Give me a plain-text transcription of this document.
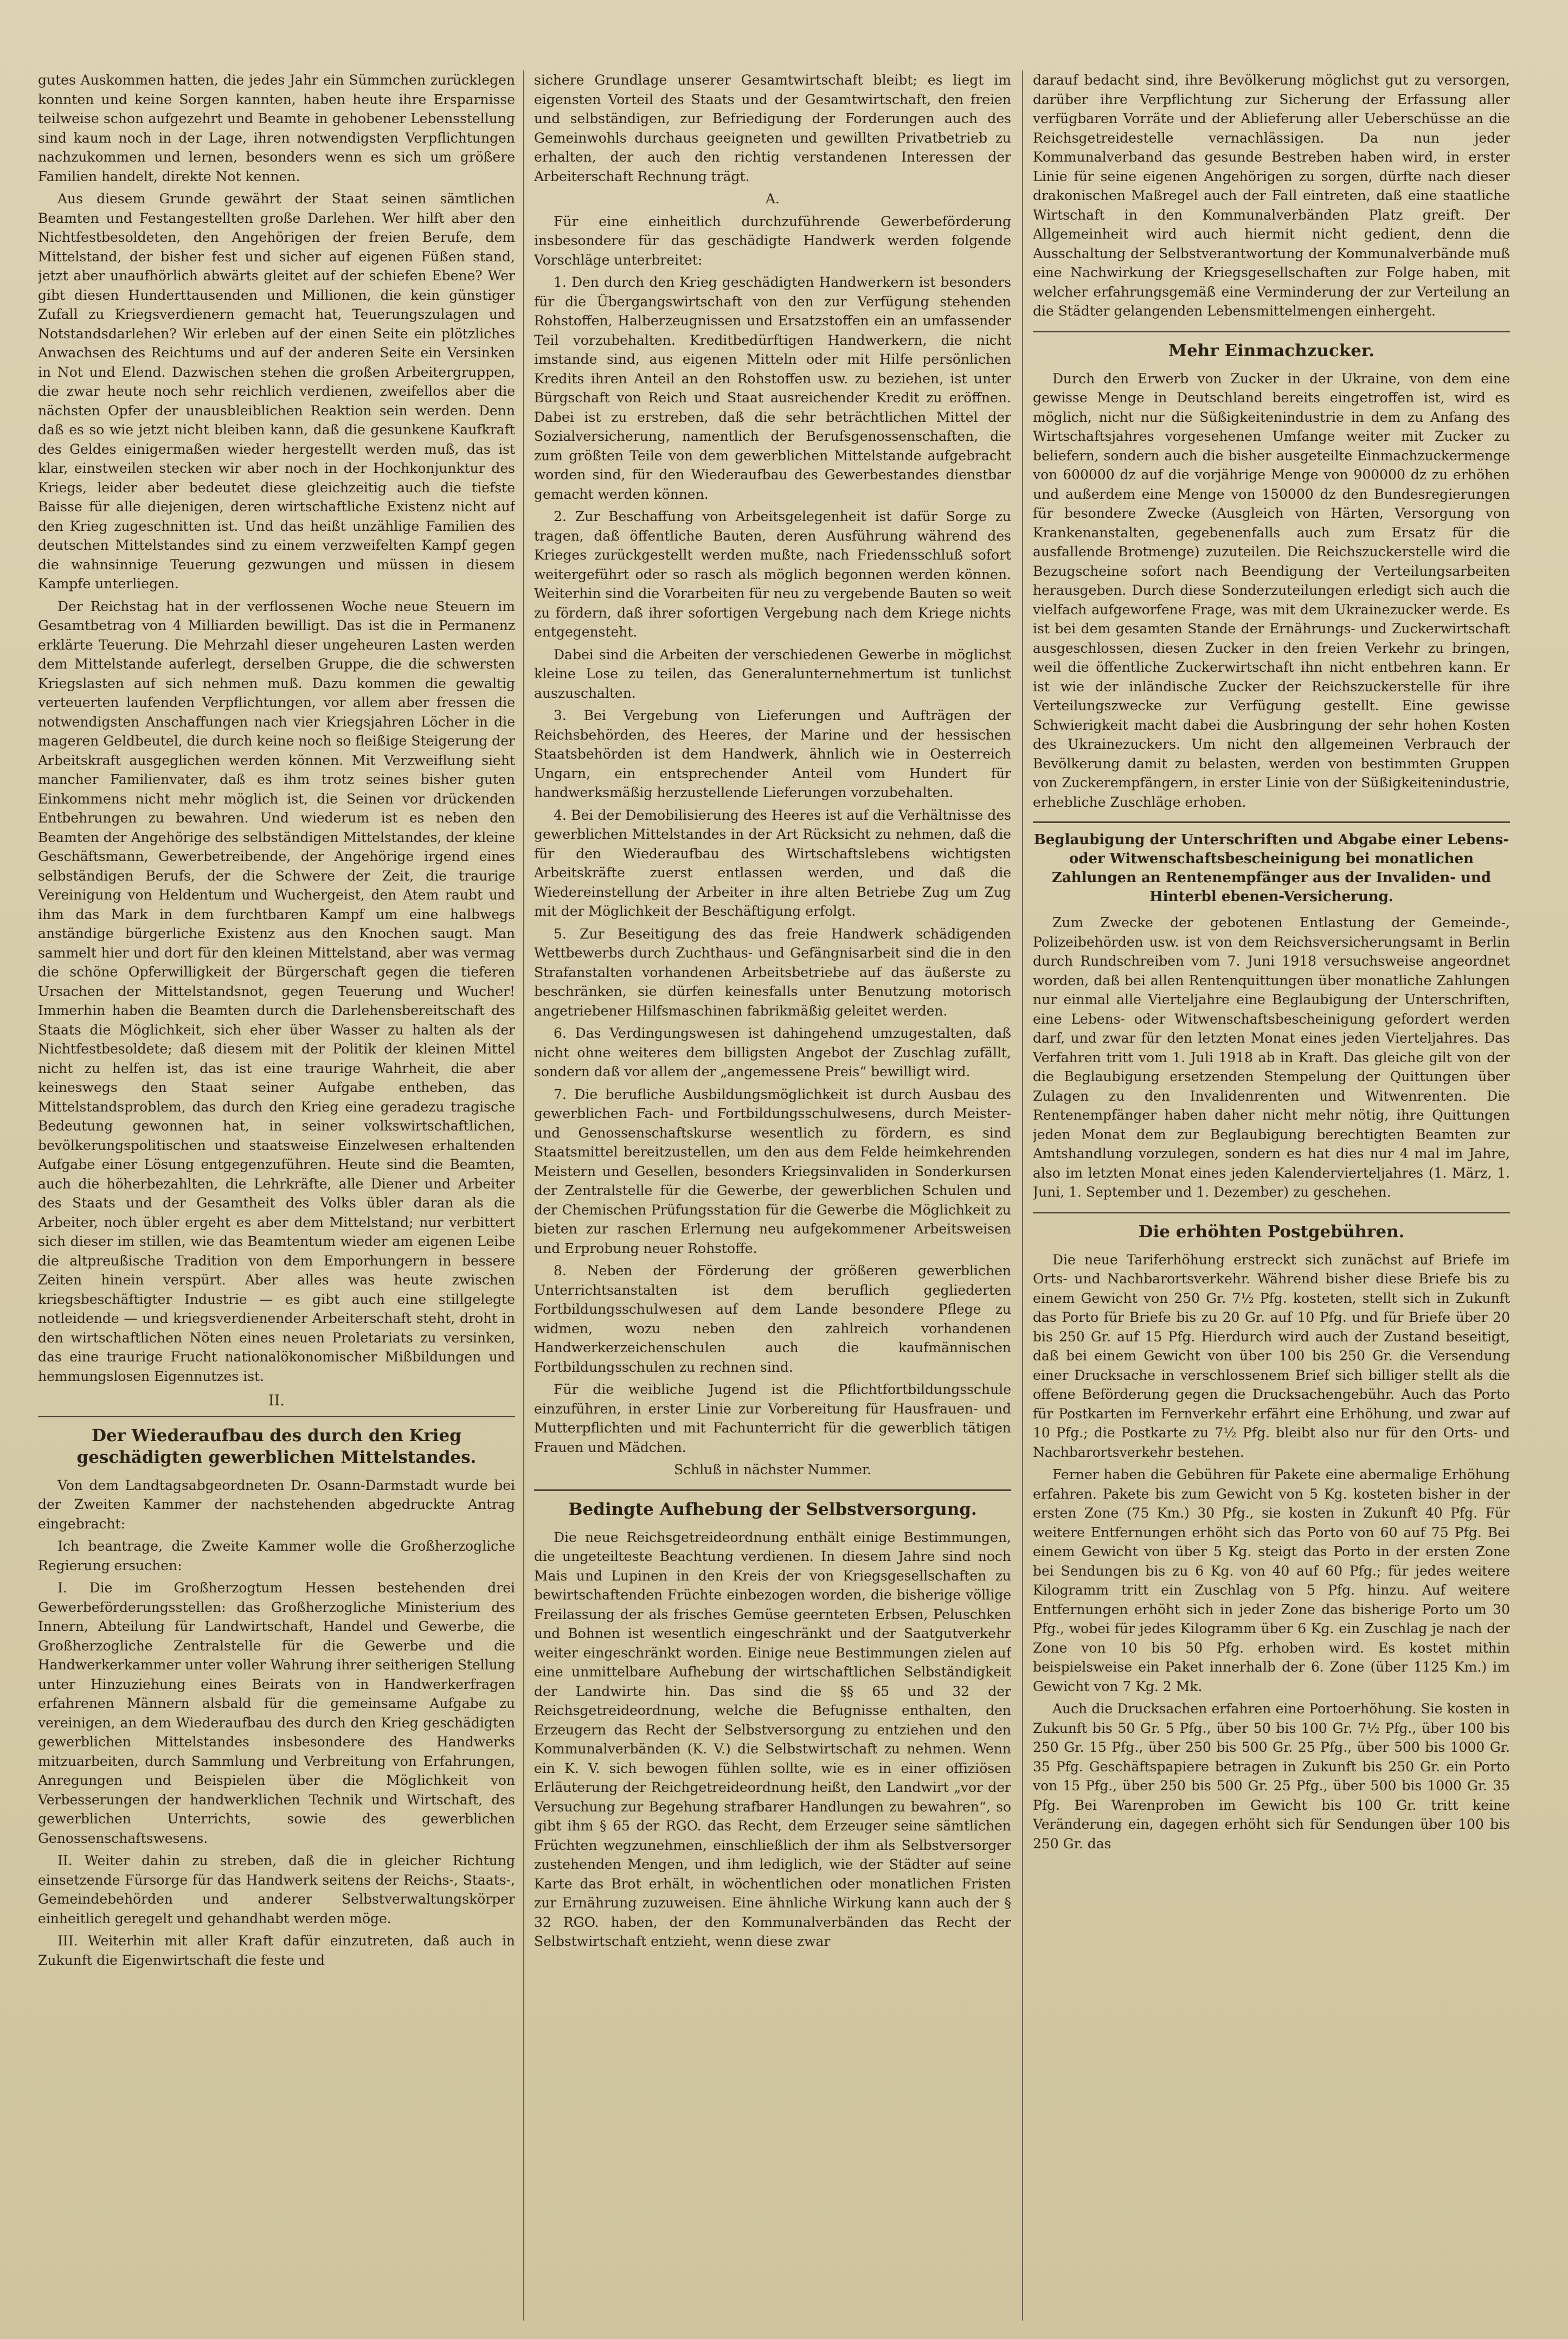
gutes Auskommen hatten, die jedes Jahr ein Sümmchen zurücklegen konnten und keine Sorgen kannten, haben heute ihre Ersparnisse teilweise schon aufgezehrt und Beamte in gehobener Lebensstellung sind kaum noch in der Lage, ihren notwendigsten Verpflichtungen nachzukommen und lernen, besonders wenn es sich um größere Familien handelt, direkte Not kennen.

Aus diesem Grunde gewährt der Staat seinen sämtlichen Beamten und Festangestellten große Darlehen. Wer hilft aber den Nichtfestbesoldeten, den Angehörigen der freien Berufe, dem Mittelstand, der bisher fest und sicher auf eigenen Füßen stand, jetzt aber unaufhörlich abwärts gleitet auf der schiefen Ebene? Wer gibt diesen Hunderttausenden und Millionen, die kein günstiger Zufall zu Kriegsverdienern gemacht hat, Teuerungszulagen und Notstandsdarlehen? Wir erleben auf der einen Seite ein plötzliches Anwachsen des Reichtums und auf der anderen Seite ein Versinken in Not und Elend. Dazwischen stehen die großen Arbeitergruppen, die zwar heute noch sehr reichlich verdienen, zweifellos aber die nächsten Opfer der unausbleiblichen Reaktion sein werden. Denn daß es so wie jetzt nicht bleiben kann, daß die gesunkene Kaufkraft des Geldes einigermaßen wieder hergestellt werden muß, das ist klar, einstweilen stecken wir aber noch in der Hochkonjunktur des Kriegs, leider aber bedeutet diese gleichzeitig auch die tiefste Baisse für alle diejenigen, deren wirtschaftliche Existenz nicht auf den Krieg zugeschnitten ist. Und das heißt unzählige Familien des deutschen Mittelstandes sind zu einem verzweifelten Kampf gegen die wahnsinnige Teuerung gezwungen und müssen in diesem Kampfe unterliegen.

Der Reichstag hat in der verflossenen Woche neue Steuern im Gesamtbetrag von 4 Milliarden bewilligt. Das ist die in Permanenz erklärte Teuerung. Die Mehrzahl dieser ungeheuren Lasten werden dem Mittelstande auferlegt, derselben Gruppe, die die schwersten Kriegslasten auf sich nehmen muß. Dazu kommen die gewaltig verteuerten laufenden Verpflichtungen, vor allem aber fressen die notwendigsten Anschaffungen nach vier Kriegsjahren Löcher in die mageren Geldbeutel, die durch keine noch so fleißige Steigerung der Arbeitskraft ausgeglichen werden können. Mit Verzweiflung sieht mancher Familienvater, daß es ihm trotz seines bisher guten Einkommens nicht mehr möglich ist, die Seinen vor drückenden Entbehrungen zu bewahren. Und wiederum ist es neben den Beamten der Angehörige des selbständigen Mittelstandes, der kleine Geschäftsmann, Gewerbetreibende, der Angehörige irgend eines selbständigen Berufs, der die Schwere der Zeit, die traurige Vereinigung von Heldentum und Wuchergeist, den Atem raubt und ihm das Mark in dem furchtbaren Kampf um eine halbwegs anständige bürgerliche Existenz aus den Knochen saugt. Man sammelt hier und dort für den kleinen Mittelstand, aber was vermag die schöne Opferwilligkeit der Bürgerschaft gegen die tieferen Ursachen der Mittelstandsnot, gegen Teuerung und Wucher! Immerhin haben die Beamten durch die Darlehensbereitschaft des Staats die Möglichkeit, sich eher über Wasser zu halten als der Nichtfestbesoldete; daß diesem mit der Politik der kleinen Mittel nicht zu helfen ist, das ist eine traurige Wahrheit, die aber keineswegs den Staat seiner Aufgabe entheben, das Mittelstandsproblem, das durch den Krieg eine geradezu tragische Bedeutung gewonnen hat, in seiner volkswirtschaftlichen, bevölkerungspolitischen und staatsweise Einzelwesen erhaltenden Aufgabe einer Lösung entgegenzuführen. Heute sind die Beamten, auch die höherbezahlten, die Lehrkräfte, alle Diener und Arbeiter des Staats und der Gesamtheit des Volks übler daran als die Arbeiter, noch übler ergeht es aber dem Mittelstand; nur verbittert sich dieser im stillen, wie das Beamtentum wieder am eigenen Leibe die altpreußische Tradition von dem Emporhungern in bessere Zeiten hinein verspürt. Aber alles was heute zwischen kriegsbeschäftigter Industrie — es gibt auch eine stillgelegte notleidende — und kriegsverdienender Arbeiterschaft steht, droht in den wirtschaftlichen Nöten eines neuen Proletariats zu versinken, das eine traurige Frucht nationalökonomischer Mißbildungen und hemmungslosen Eigennutzes ist.

II.
Der Wiederaufbau des durch den Krieg geschädigten gewerblichen Mittelstandes.

Von dem Landtagsabgeordneten Dr. Osann-Darmstadt wurde bei der Zweiten Kammer der nachstehenden abgedruckte Antrag eingebracht:

Ich beantrage, die Zweite Kammer wolle die Großherzogliche Regierung ersuchen:

I. Die im Großherzogtum Hessen bestehenden drei Gewerbeförderungsstellen: das Großherzogliche Ministerium des Innern, Abteilung für Landwirtschaft, Handel und Gewerbe, die Großherzogliche Zentralstelle für die Gewerbe und die Handwerkerkammer unter voller Wahrung ihrer seitherigen Stellung unter Hinzuziehung eines Beirats von in Handwerkerfragen erfahrenen Männern alsbald für die gemeinsame Aufgabe zu vereinigen, an dem Wiederaufbau des durch den Krieg geschädigten gewerblichen Mittelstandes insbesondere des Handwerks mitzuarbeiten, durch Sammlung und Verbreitung von Erfahrungen, Anregungen und Beispielen über die Möglichkeit von Verbesserungen der handwerklichen Technik und Wirtschaft, des gewerblichen Unterrichts, sowie des gewerblichen Genossenschaftswesens.

II. Weiter dahin zu streben, daß die in gleicher Richtung einsetzende Fürsorge für das Handwerk seitens der Reichs-, Staats-, Gemeindebehörden und anderer Selbstverwaltungskörper einheitlich geregelt und gehandhabt werden möge.

III. Weiterhin mit aller Kraft dafür einzutreten, daß auch in Zukunft die Eigenwirtschaft die feste und

sichere Grundlage unserer Gesamtwirtschaft bleibt; es liegt im eigensten Vorteil des Staats und der Gesamtwirtschaft, den freien und selbständigen, zur Befriedigung der Forderungen auch des Gemeinwohls durchaus geeigneten und gewillten Privatbetrieb zu erhalten, der auch den richtig verstandenen Interessen der Arbeiterschaft Rechnung trägt.

A.

Für eine einheitlich durchzuführende Gewerbeförderung insbesondere für das geschädigte Handwerk werden folgende Vorschläge unterbreitet:

1. Den durch den Krieg geschädigten Handwerkern ist besonders für die Übergangswirtschaft von den zur Verfügung stehenden Rohstoffen, Halberzeugnissen und Ersatzstoffen ein an umfassender Teil vorzubehalten. Kreditbedürftigen Handwerkern, die nicht imstande sind, aus eigenen Mitteln oder mit Hilfe persönlichen Kredits ihren Anteil an den Rohstoffen usw. zu beziehen, ist unter Bürgschaft von Reich und Staat ausreichender Kredit zu eröffnen. Dabei ist zu erstreben, daß die sehr beträchtlichen Mittel der Sozialversicherung, namentlich der Berufsgenossenschaften, die zum größten Teile von dem gewerblichen Mittelstande aufgebracht worden sind, für den Wiederaufbau des Gewerbestandes dienstbar gemacht werden können.

2. Zur Beschaffung von Arbeitsgelegenheit ist dafür Sorge zu tragen, daß öffentliche Bauten, deren Ausführung während des Krieges zurückgestellt werden mußte, nach Friedensschluß sofort weitergeführt oder so rasch als möglich begonnen werden können. Weiterhin sind die Vorarbeiten für neu zu vergebende Bauten so weit zu fördern, daß ihrer sofortigen Vergebung nach dem Kriege nichts entgegensteht.

Dabei sind die Arbeiten der verschiedenen Gewerbe in möglichst kleine Lose zu teilen, das Generalunternehmertum ist tunlichst auszuschalten.

3. Bei Vergebung von Lieferungen und Aufträgen der Reichsbehörden, des Heeres, der Marine und der hessischen Staatsbehörden ist dem Handwerk, ähnlich wie in Oesterreich Ungarn, ein entsprechender Anteil vom Hundert für handwerksmäßig herzustellende Lieferungen vorzubehalten.

4. Bei der Demobilisierung des Heeres ist auf die Verhältnisse des gewerblichen Mittelstandes in der Art Rücksicht zu nehmen, daß die für den Wiederaufbau des Wirtschaftslebens wichtigsten Arbeitskräfte zuerst entlassen werden, und daß die Wiedereinstellung der Arbeiter in ihre alten Betriebe Zug um Zug mit der Möglichkeit der Beschäftigung erfolgt.

5. Zur Beseitigung des das freie Handwerk schädigenden Wettbewerbs durch Zuchthaus- und Gefängnisarbeit sind die in den Strafanstalten vorhandenen Arbeitsbetriebe auf das äußerste zu beschränken, sie dürfen keinesfalls unter Benutzung motorisch angetriebener Hilfsmaschinen fabrikmäßig geleitet werden.

6. Das Verdingungswesen ist dahingehend umzugestalten, daß nicht ohne weiteres dem billigsten Angebot der Zuschlag zufällt, sondern daß vor allem der „angemessene Preis“ bewilligt wird.

7. Die berufliche Ausbildungsmöglichkeit ist durch Ausbau des gewerblichen Fach- und Fortbildungsschulwesens, durch Meister- und Genossenschaftskurse wesentlich zu fördern, es sind Staatsmittel bereitzustellen, um den aus dem Felde heimkehrenden Meistern und Gesellen, besonders Kriegsinvaliden in Sonderkursen der Zentralstelle für die Gewerbe, der gewerblichen Schulen und der Chemischen Prüfungsstation für die Gewerbe die Möglichkeit zu bieten zur raschen Erlernung neu aufgekommener Arbeitsweisen und Erprobung neuer Rohstoffe.

8. Neben der Förderung der größeren gewerblichen Unterrichtsanstalten ist dem beruflich gegliederten Fortbildungsschulwesen auf dem Lande besondere Pflege zu widmen, wozu neben den zahlreich vorhandenen Handwerkerzeichenschulen auch die kaufmännischen Fortbildungsschulen zu rechnen sind.

Für die weibliche Jugend ist die Pflichtfortbildungsschule einzuführen, in erster Linie zur Vorbereitung für Hausfrauen- und Mutterpflichten und mit Fachunterricht für die gewerblich tätigen Frauen und Mädchen.

Schluß in nächster Nummer.

Bedingte Aufhebung der Selbstversorgung.

Die neue Reichsgetreideordnung enthält einige Bestimmungen, die ungeteilteste Beachtung verdienen. In diesem Jahre sind noch Mais und Lupinen in den Kreis der von Kriegsgesellschaften zu bewirtschaftenden Früchte einbezogen worden, die bisherige völlige Freilassung der als frisches Gemüse geernteten Erbsen, Peluschken und Bohnen ist wesentlich eingeschränkt und der Saatgutverkehr weiter eingeschränkt worden. Einige neue Bestimmungen zielen auf eine unmittelbare Aufhebung der wirtschaftlichen Selbständigkeit der Landwirte hin. Das sind die §§ 65 und 32 der Reichsgetreideordnung, welche die Befugnisse enthalten, den Erzeugern das Recht der Selbstversorgung zu entziehen und den Kommunalverbänden (K. V.) die Selbstwirtschaft zu nehmen. Wenn ein K. V. sich bewogen fühlen sollte, wie es in einer offiziösen Erläuterung der Reichgetreideordnung heißt, den Landwirt „vor der Versuchung zur Begehung strafbarer Handlungen zu bewahren“, so gibt ihm § 65 der RGO. das Recht, dem Erzeuger seine sämtlichen Früchten wegzunehmen, einschließlich der ihm als Selbstversorger zustehenden Mengen, und ihm lediglich, wie der Städter auf seine Karte das Brot erhält, in wöchentlichen oder monatlichen Fristen zur Ernährung zuzuweisen. Eine ähnliche Wirkung kann auch der § 32 RGO. haben, der den Kommunalverbänden das Recht der Selbstwirtschaft entzieht, wenn diese zwar

darauf bedacht sind, ihre Bevölkerung möglichst gut zu versorgen, darüber ihre Verpflichtung zur Sicherung der Erfassung aller verfügbaren Vorräte und der Ablieferung aller Ueberschüsse an die Reichsgetreidestelle vernachlässigen. Da nun jeder Kommunalverband das gesunde Bestreben haben wird, in erster Linie für seine eigenen Angehörigen zu sorgen, dürfte nach dieser drakonischen Maßregel auch der Fall eintreten, daß eine staatliche Wirtschaft in den Kommunalverbänden Platz greift. Der Allgemeinheit wird auch hiermit nicht gedient, denn die Ausschaltung der Selbstverantwortung der Kommunalverbände muß eine Nachwirkung der Kriegsgesellschaften zur Folge haben, mit welcher erfahrungsgemäß eine Verminderung der zur Verteilung an die Städter gelangenden Lebensmittelmengen einhergeht.

Mehr Einmachzucker.

Durch den Erwerb von Zucker in der Ukraine, von dem eine gewisse Menge in Deutschland bereits eingetroffen ist, wird es möglich, nicht nur die Süßigkeitenindustrie in dem zu Anfang des Wirtschaftsjahres vorgesehenen Umfange weiter mit Zucker zu beliefern, sondern auch die bisher ausgeteilte Einmachzuckermenge von 600000 dz auf die vorjährige Menge von 900000 dz zu erhöhen und außerdem eine Menge von 150000 dz den Bundesregierungen für besondere Zwecke (Ausgleich von Härten, Versorgung von Krankenanstalten, gegebenenfalls auch zum Ersatz für die ausfallende Brotmenge) zuzuteilen. Die Reichszuckerstelle wird die Bezugscheine sofort nach Beendigung der Verteilungsarbeiten herausgeben. Durch diese Sonderzuteilungen erledigt sich auch die vielfach aufgeworfene Frage, was mit dem Ukrainezucker werde. Es ist bei dem gesamten Stande der Ernährungs- und Zuckerwirtschaft ausgeschlossen, diesen Zucker in den freien Verkehr zu bringen, weil die öffentliche Zuckerwirtschaft ihn nicht entbehren kann. Er ist wie der inländische Zucker der Reichszuckerstelle für ihre Verteilungszwecke zur Verfügung gestellt. Eine gewisse Schwierigkeit macht dabei die Ausbringung der sehr hohen Kosten des Ukrainezuckers. Um nicht den allgemeinen Verbrauch der Bevölkerung damit zu belasten, werden von bestimmten Gruppen von Zuckerempfängern, in erster Linie von der Süßigkeitenindustrie, erhebliche Zuschläge erhoben.

Beglaubigung der Unterschriften und Abgabe einer Lebens- oder Witwenschaftsbescheinigung bei monatlichen Zahlungen an Rentenempfänger aus der Invaliden- und Hinterbl ebenen-Versicherung.

Zum Zwecke der gebotenen Entlastung der Gemeinde-, Polizeibehörden usw. ist von dem Reichsversicherungsamt in Berlin durch Rundschreiben vom 7. Juni 1918 versuchsweise angeordnet worden, daß bei allen Rentenquittungen über monatliche Zahlungen nur einmal alle Vierteljahre eine Beglaubigung der Unterschriften, eine Lebens- oder Witwenschaftsbescheinigung gefordert werden darf, und zwar für den letzten Monat eines jeden Vierteljahres. Das Verfahren tritt vom 1. Juli 1918 ab in Kraft. Das gleiche gilt von der die Beglaubigung ersetzenden Stempelung der Quittungen über Zulagen zu den Invalidenrenten und Witwenrenten. Die Rentenempfänger haben daher nicht mehr nötig, ihre Quittungen jeden Monat dem zur Beglaubigung berechtigten Beamten zur Amtshandlung vorzulegen, sondern es hat dies nur 4 mal im Jahre, also im letzten Monat eines jeden Kalendervierteljahres (1. März, 1. Juni, 1. September und 1. Dezember) zu geschehen.

Die erhöhten Postgebühren.

Die neue Tariferhöhung erstreckt sich zunächst auf Briefe im Orts- und Nachbarortsverkehr. Während bisher diese Briefe bis zu einem Gewicht von 250 Gr. 7½ Pfg. kosteten, stellt sich in Zukunft das Porto für Briefe bis zu 20 Gr. auf 10 Pfg. und für Briefe über 20 bis 250 Gr. auf 15 Pfg. Hierdurch wird auch der Zustand beseitigt, daß bei einem Gewicht von über 100 bis 250 Gr. die Versendung einer Drucksache in verschlossenem Brief sich billiger stellt als die offene Beförderung gegen die Drucksachengebühr. Auch das Porto für Postkarten im Fernverkehr erfährt eine Erhöhung, und zwar auf 10 Pfg.; die Postkarte zu 7½ Pfg. bleibt also nur für den Orts- und Nachbarortsverkehr bestehen.

Ferner haben die Gebühren für Pakete eine abermalige Erhöhung erfahren. Pakete bis zum Gewicht von 5 Kg. kosteten bisher in der ersten Zone (75 Km.) 30 Pfg., sie kosten in Zukunft 40 Pfg. Für weitere Entfernungen erhöht sich das Porto von 60 auf 75 Pfg. Bei einem Gewicht von über 5 Kg. steigt das Porto in der ersten Zone bei Sendungen bis zu 6 Kg. von 40 auf 60 Pfg.; für jedes weitere Kilogramm tritt ein Zuschlag von 5 Pfg. hinzu. Auf weitere Entfernungen erhöht sich in jeder Zone das bisherige Porto um 30 Pfg., wobei für jedes Kilogramm über 6 Kg. ein Zuschlag je nach der Zone von 10 bis 50 Pfg. erhoben wird. Es kostet mithin beispielsweise ein Paket innerhalb der 6. Zone (über 1125 Km.) im Gewicht von 7 Kg. 2 Mk.

Auch die Drucksachen erfahren eine Portoerhöhung. Sie kosten in Zukunft bis 50 Gr. 5 Pfg., über 50 bis 100 Gr. 7½ Pfg., über 100 bis 250 Gr. 15 Pfg., über 250 bis 500 Gr. 25 Pfg., über 500 bis 1000 Gr. 35 Pfg. Geschäftspapiere betragen in Zukunft bis 250 Gr. ein Porto von 15 Pfg., über 250 bis 500 Gr. 25 Pfg., über 500 bis 1000 Gr. 35 Pfg. Bei Warenproben im Gewicht bis 100 Gr. tritt keine Veränderung ein, dagegen erhöht sich für Sendungen über 100 bis 250 Gr. das
